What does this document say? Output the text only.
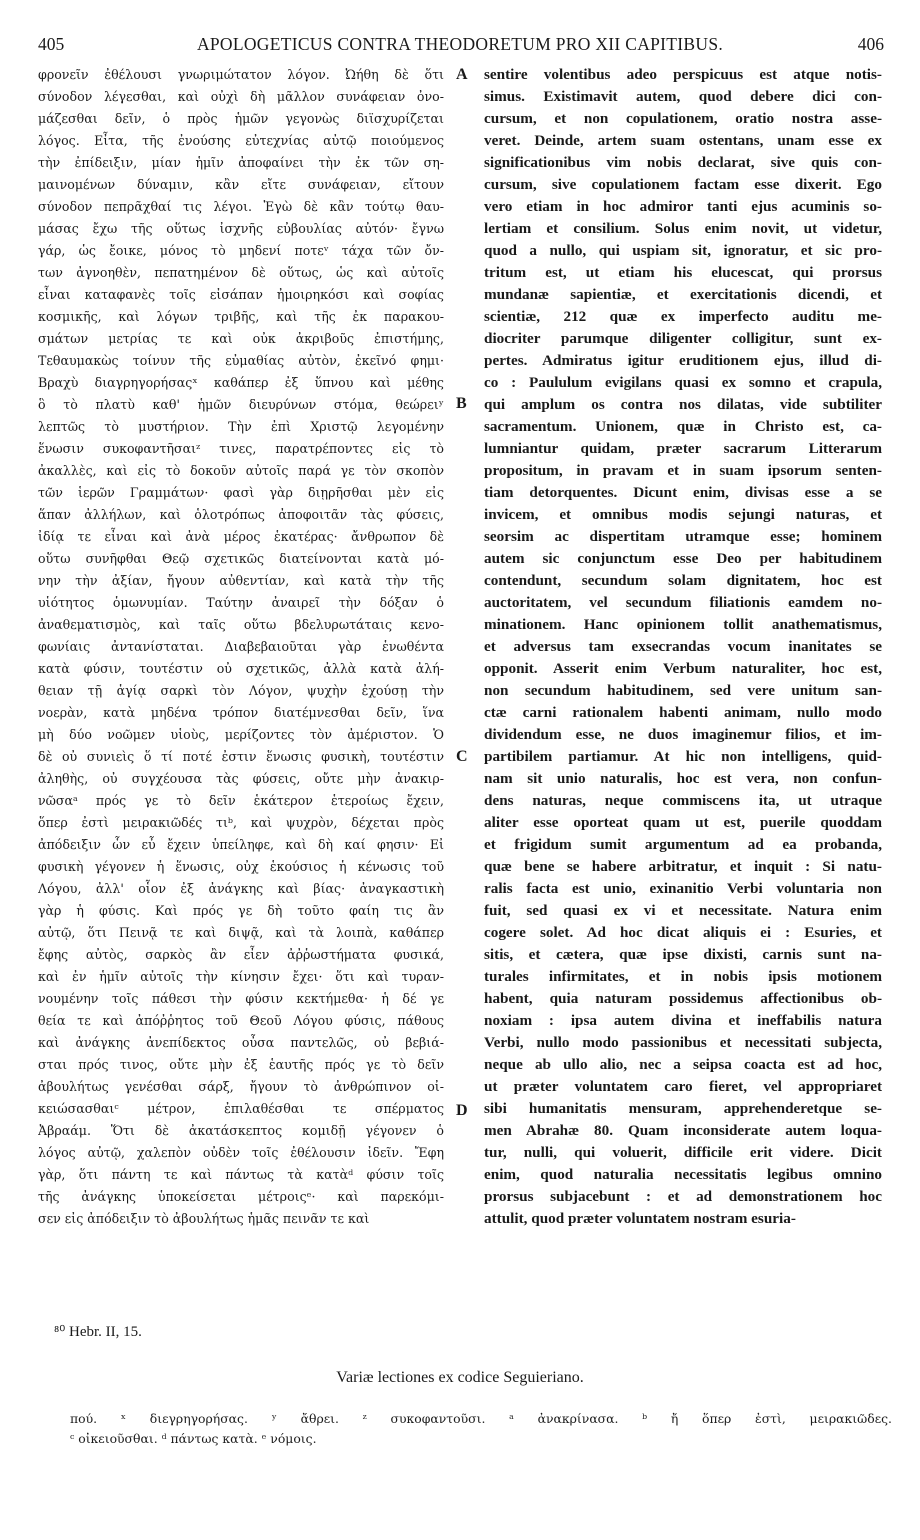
405	APOLOGETICUS CONTRA THEODORETUM PRO XII CAPITIBUS.	406
φρονεῖν ἐθέλουσι γνωριμώτατον λόγον. Ὠήθη δὲ ὅτι
σύνοδον λέγεσθαι, καὶ οὐχὶ δὴ μᾶλλον συνάφειαν ὀνο-
μάζεσθαι δεῖν, ὁ πρὸς ἡμῶν γεγονὼς διϊσχυρίζεται
λόγος. Εἶτα, τῆς ἐνούσης εὐτεχνίας αὐτῷ ποιούμενος
τὴν ἐπίδειξιν, μίαν ἡμῖν ἀποφαίνει τὴν ἐκ τῶν ση-
μαινομένων δύναμιν, κἂν εἴτε συνάφειαν, εἴτουν
σύνοδον πεπρᾶχθαί τις λέγοι. Ἐγὼ δὲ κἂν τούτῳ θαυ-
μάσας ἔχω τῆς οὕτως ἰσχνῆς εὐβουλίας αὐτόν· ἔγνω
γάρ, ὡς ἔοικε, μόνος τὸ μηδενί ποτεᵛ τάχα τῶν ὄν-
των ἀγνοηθὲν, πεπατημένον δὲ οὕτως, ὡς καὶ αὐτοῖς
εἶναι καταφανὲς τοῖς εἰσάπαν ἠμοιρηκόσι καὶ σοφίας
κοσμικῆς, καὶ λόγων τριβῆς, καὶ τῆς ἐκ παρακου-
σμάτων μετρίας τε καὶ οὐκ ἀκριβοῦς ἐπιστήμης,
Τεθαυμακὼς τοίνυν τῆς εὐμαθίας αὐτὸν, ἐκεῖνό φημι·
Βραχὺ διαγρηγορήσαςˣ καθάπερ ἐξ ὕπνου καὶ μέθης
ὃ τὸ πλατὺ καθ' ἡμῶν διευρύνων στόμα, θεώρειʸ
λεπτῶς τὸ μυστήριον. Τὴν ἐπὶ Χριστῷ λεγομένην
ἕνωσιν συκοφαντῆσαιᶻ τινες, παρατρέποντες εἰς τὸ
ἀκαλλὲς, καὶ εἰς τὸ δοκοῦν αὐτοῖς παρά γε τὸν σκοπὸν
τῶν ἱερῶν Γραμμάτων· φασὶ γὰρ διῃρῆσθαι μὲν εἰς
ἅπαν ἀλλήλων, καὶ ὁλοτρόπως ἀποφοιτᾶν τὰς φύσεις,
ἰδίᾳ τε εἶναι καὶ ἀνὰ μέρος ἑκατέρας· ἄνθρωπον δὲ
οὕτω συνῆφθαι Θεῷ σχετικῶς διατείνονται κατὰ μό-
νην τὴν ἀξίαν, ἤγουν αὐθεντίαν, καὶ κατὰ τὴν τῆς
υἱότητος ὁμωνυμίαν. Ταύτην ἀναιρεῖ τὴν δόξαν ὁ
ἀναθεματισμὸς, καὶ ταῖς οὕτω βδελυρωτάταις κενο-
φωνίαις ἀντανίσταται. Διαβεβαιοῦται γὰρ ἑνωθέντα
κατὰ φύσιν, τουτέστιν οὐ σχετικῶς, ἀλλὰ κατὰ ἀλή-
θειαν τῇ ἁγίᾳ σαρκὶ τὸν Λόγον, ψυχὴν ἐχούσῃ τὴν
νοερὰν, κατὰ μηδένα τρόπον διατέμνεσθαι δεῖν, ἵνα
μὴ δύο νοῶμεν υἱοὺς, μερίζοντες τὸν ἀμέριστον. Ὁ
δὲ οὐ συνιεὶς ὅ τί ποτέ ἐστιν ἕνωσις φυσικὴ, τουτέστιν
ἀληθὴς, οὐ συγχέουσα τὰς φύσεις, οὔτε μὴν ἀνακιρ-
νῶσαᵃ πρός γε τὸ δεῖν ἑκάτερον ἑτεροίως ἔχειν,
ὅπερ ἐστὶ μειρακιῶδές τιᵇ, καὶ ψυχρὸν, δέχεται πρὸς
ἀπόδειξιν ὧν εὖ ἔχειν ὑπείληφε, καὶ δὴ καί φησιν· Εἰ
φυσικὴ γέγονεν ἡ ἕνωσις, οὐχ ἑκούσιος ἡ κένωσις τοῦ
Λόγου, ἀλλ' οἷον ἐξ ἀνάγκης καὶ βίας· ἀναγκαστικὴ
γὰρ ἡ φύσις. Καὶ πρός γε δὴ τοῦτο φαίη τις ἂν
αὐτῷ, ὅτι Πεινᾷ τε καὶ διψᾷ, καὶ τὰ λοιπὰ, καθάπερ
ἔφης αὐτὸς, σαρκὸς ἂν εἶεν ἀῤῥωστήματα φυσικά,
καὶ ἐν ἡμῖν αὐτοῖς τὴν κίνησιν ἔχει· ὅτι καὶ τυραν-
νουμένην τοῖς πάθεσι τὴν φύσιν κεκτήμεθα· ἡ δέ γε
θεία τε καὶ ἀπόῤῥητος τοῦ Θεοῦ Λόγου φύσις, πάθους
καὶ ἀνάγκης ἀνεπίδεκτος οὖσα παντελῶς, οὐ βεβιά-
σται πρός τινος, οὔτε μὴν ἐξ ἑαυτῆς πρός γε τὸ δεῖν
ἀβουλήτως γενέσθαι σάρξ, ἤγουν τὸ ἀνθρώπινον οἰ-
κειώσασθαιᶜ μέτρον, ἐπιλαθέσθαι τε σπέρματος
Ἀβραάμ. Ὅτι δὲ ἀκατάσκεπτος κομιδῇ γέγονεν ὁ
λόγος αὐτῷ, χαλεπὸν οὐδὲν τοῖς ἐθέλουσιν ἰδεῖν. Ἔφη
γὰρ, ὅτι πάντη τε καὶ πάντως τὰ κατὰᵈ φύσιν τοῖς
τῆς ἀνάγκης ὑποκείσεται μέτροιςᵉ· καὶ παρεκόμι-
σεν εἰς ἀπόδειξιν τὸ ἀβουλήτως ἡμᾶς πεινᾶν τε καὶ
sentire volentibus adeo perspicuus est atque notis-
simus. Existimavit autem, quod debere dici con-
cursum, et non copulationem, oratio nostra asse-
veret. Deinde, artem suam ostentans, unam esse ex
significationibus vim nobis declarat, sive quis con-
cursum, sive copulationem factam esse dixerit. Ego
vero etiam in hoc admiror tanti ejus acuminis so-
lertiam et consilium. Solus enim novit, ut videtur,
quod a nullo, qui uspiam sit, ignoratur, et sic pro-
tritum est, ut etiam his elucescat, qui prorsus
mundanæ sapientiæ, et exercitationis dicendi, et
scientiæ, 212 quæ ex imperfecto auditu me-
diocriter parumque diligenter colligitur, sunt ex-
pertes. Admiratus igitur eruditionem ejus, illud di-
co : Paululum evigilans quasi ex somno et crapula,
qui amplum os contra nos dilatas, vide subtiliter
sacramentum. Unionem, quæ in Christo est, ca-
lumniantur quidam, præter sacrarum Litterarum
propositum, in pravam et in suam ipsorum senten-
tiam detorquentes. Dicunt enim, divisas esse a se
invicem, et omnibus modis sejungi naturas, et
seorsim ac dispertitam utramque esse; hominem
autem sic conjunctum esse Deo per habitudinem
contendunt, secundum solam dignitatem, hoc est
auctoritatem, vel secundum filiationis eamdem no-
minationem. Hanc opinionem tollit anathematismus,
et adversus tam exsecrandas vocum inanitates se
opponit. Asserit enim Verbum naturaliter, hoc est,
non secundum habitudinem, sed vere unitum san-
ctæ carni rationalem habenti animam, nullo modo
dividendum esse, ne duos imaginemur filios, et im-
partibilem partiamur. At hic non intelligens, quid-
nam sit unio naturalis, hoc est vera, non confun-
dens naturas, neque commiscens ita, ut utraque
aliter esse oporteat quam ut est, puerile quoddam
et frigidum sumit argumentum ad ea probanda,
quæ bene se habere arbitratur, et inquit : Si natu-
ralis facta est unio, exinanitio Verbi voluntaria non
fuit, sed quasi ex vi et necessitate. Natura enim
cogere solet. Ad hoc dicat aliquis ei : Esuries, et
sitis, et cætera, quæ ipse dixisti, carnis sunt na-
turales infirmitates, et in nobis ipsis motionem
habent, quia naturam possidemus affectionibus ob-
noxiam : ipsa autem divina et ineffabilis natura
Verbi, nullo modo passionibus et necessitati subjecta,
neque ab ullo alio, nec a seipsa coacta est ad hoc,
ut præter voluntatem caro fieret, vel appropriaret
sibi humanitatis mensuram, apprehenderetque se-
men Abrahæ 80. Quam inconsiderate autem loqua-
tur, nulli, qui voluerit, difficile erit videre. Dicit
enim, quod naturalia necessitatis legibus omnino
prorsus subjacebunt : et ad demonstrationem hoc
attulit, quod præter voluntatem nostram esuria-
A
B
C
D
⁸⁰ Hebr. II, 15.
Variæ lectiones ex codice Seguieriano.
πού. ˣ διεγρηγορήσας. ʸ ἄθρει. ᶻ συκοφαντοῦσι. ᵃ ἀνακρίνασα. ᵇ ἤ ὅπερ ἐστὶ, μειρακιῶδες.
ᶜ οἰκειοῦσθαι. ᵈ πάντως κατὰ. ᵉ νόμοις.
